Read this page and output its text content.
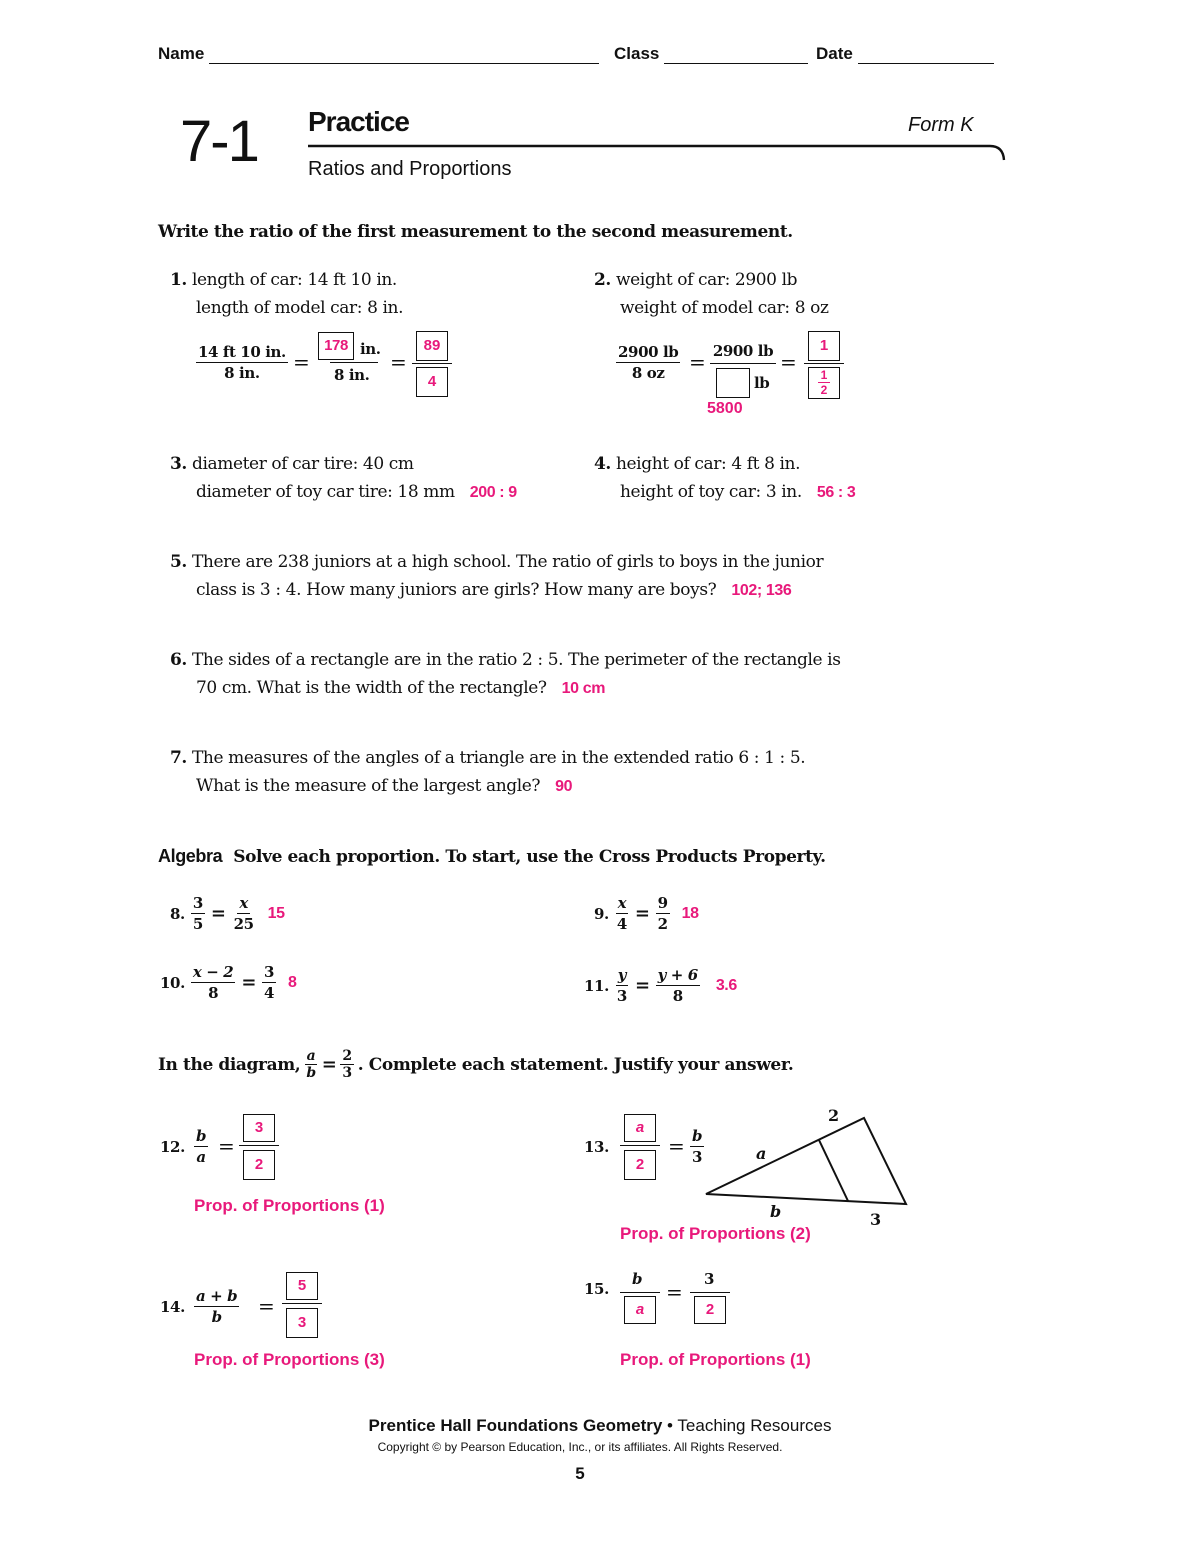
Name	Class	Date
7-1 Practice	Form K
Ratios and Proportions
Write the ratio of the first measurement to the second measurement.
1. length of car: 14 ft 10 in.
length of model car: 8 in.
$\frac{14 ft 10 in.}{8 in.}$ =
178 in.
8 in.
=
89
4
2. weight of car: 2900 lb
weight of model car: 8 oz
$\frac{2900 lb}{8 oz} = 2900$ lb
lb
5800
=
1
1
2
3. diameter of car tire: 40 cm
diameter of toy car tire: 18 mm 200 : 9
4. height of car: 4 ft 8 in.
height of toy car: 3 in. 56 : 3
5. There are 238 juniors at a high school. The ratio of girls to boys in the junior
class is 3 : 4. How many juniors are girls? How many are boys? 102; 136
6. The sides of a rectangle are in the ratio 2 : 5. The perimeter of the rectangle is
70 cm. What is the width of the rectangle? 10 cm
7. The measures of the angles of a triangle are in the extended ratio 6 : 1 : 5.
What is the measure of the largest angle? 90
Algebra Solve each proportion. To start, use the Cross Products Property.
8. $\frac{3}{5} = \frac{x}{25} 15$	9. $\frac{x}{4} = \frac{9}{2} 18$
10. $\frac{x - 2}{8} = \frac{3}{4} 8$	11. $\frac{y}{3} = \frac{y + 6}{8} 3.6$
In the diagram, $\frac{a}{b} = \frac{2}{3}$ . Complete each statement. Justify your answer.
12. $\frac{b}{a}$ =
3
2
Prop. of Proportions (1)
13.
a
2
= $\frac{b}{3}$
2
a
b	3
Prop. of Proportions (2)
14. $\frac{a + b}{b}$ =
5
3
Prop. of Proportions (3)
15.
b
a
=
3
2
Prop. of Proportions (1)
Prentice Hall Foundations Geometry • Teaching Resources
Copyright © by Pearson Education, Inc., or its affiliates. All Rights Reserved.
5
